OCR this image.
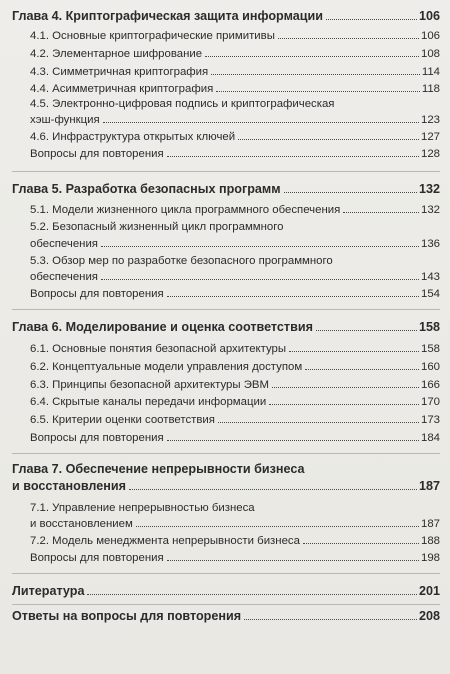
Глава 4. Криптографическая защита информации	106
4.1. Основные криптографические примитивы	106
4.2. Элементарное шифрование	108
4.3. Симметричная криптография	114
4.4. Асимметричная криптография	118
4.5. Электронно-цифровая подпись и криптографическая
хэш-функция	123
4.6. Инфраструктура открытых ключей	127
Вопросы для повторения	128
Глава 5. Разработка безопасных программ	132
5.1. Модели жизненного цикла программного обеспечения	132
5.2. Безопасный жизненный цикл программного
обеспечения	136
5.3. Обзор мер по разработке безопасного программного
обеспечения	143
Вопросы для повторения	154
Глава 6. Моделирование и оценка соответствия	158
6.1. Основные понятия безопасной архитектуры	158
6.2. Концептуальные модели управления доступом	160
6.3. Принципы безопасной архитектуры ЭВМ	166
6.4. Скрытые каналы передачи информации	170
6.5. Критерии оценки соответствия	173
Вопросы для повторения	184
Глава 7. Обеспечение непрерывности бизнеса
и восстановления	187
7.1. Управление непрерывностью бизнеса
и восстановлением	187
7.2. Модель менеджмента непрерывности бизнеса	188
Вопросы для повторения	198
Литература	201
Ответы на вопросы для повторения	208
